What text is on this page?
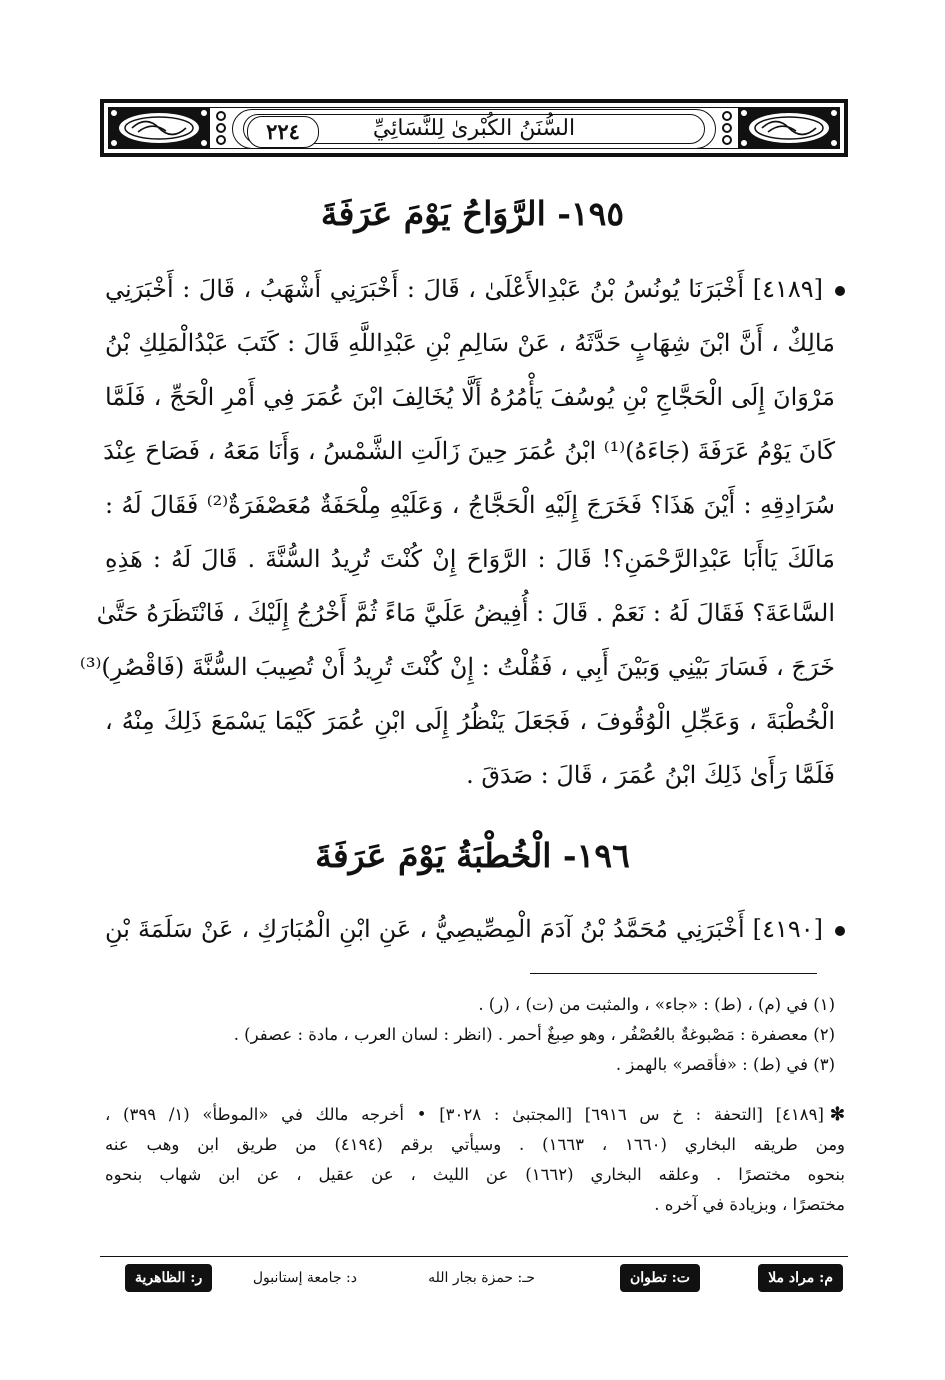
السُّنَنُ الكُبْرىٰ لِلنَّسَائِيِّ
٢٢٤
١٩٥- الرَّوَاحُ يَوْمَ عَرَفَةَ
[٤١٨٩] أَخْبَرَنَا يُونُسُ بْنُ عَبْدِالأَعْلَىٰ ، قَالَ : أَخْبَرَنِي أَشْهَبُ ، قَالَ : أَخْبَرَنِي
مَالِكٌ ، أَنَّ ابْنَ شِهَابٍ حَدَّثَهُ ، عَنْ سَالِمِ بْنِ عَبْدِاللَّهِ قَالَ : كَتَبَ عَبْدُالْمَلِكِ بْنُ
مَرْوَانَ إِلَى الْحَجَّاجِ بْنِ يُوسُفَ يَأْمُرُهُ أَلَّا يُخَالِفَ ابْنَ عُمَرَ فِي أَمْرِ الْحَجِّ ، فَلَمَّا
كَانَ يَوْمُ عَرَفَةَ (جَاءَهُ)⁽¹⁾ ابْنُ عُمَرَ حِينَ زَالَتِ الشَّمْسُ ، وَأَنَا مَعَهُ ، فَصَاحَ عِنْدَ
سُرَادِقِهِ : أَيْنَ هَذَا؟ فَخَرَجَ إِلَيْهِ الْحَجَّاجُ ، وَعَلَيْهِ مِلْحَفَةٌ مُعَصْفَرَةٌ⁽²⁾ فَقَالَ لَهُ :
مَالَكَ يَاأَبَا عَبْدِالرَّحْمَنِ؟! قَالَ : الرَّوَاحَ إِنْ كُنْتَ تُرِيدُ السُّنَّةَ . قَالَ لَهُ : هَذِهِ
السَّاعَةَ؟ فَقَالَ لَهُ : نَعَمْ . قَالَ : أُفِيضُ عَلَيَّ مَاءً ثُمَّ أَخْرُجُ إِلَيْكَ ، فَانْتَظَرَهُ حَتَّىٰ
خَرَجَ ، فَسَارَ بَيْنِي وَبَيْنَ أَبِي ، فَقُلْتُ : إِنْ كُنْتَ تُرِيدُ أَنْ تُصِيبَ السُّنَّةَ (فَاقْصُرِ)⁽³⁾
الْخُطْبَةَ ، وَعَجِّلِ الْوُقُوفَ ، فَجَعَلَ يَنْظُرُ إِلَى ابْنِ عُمَرَ كَيْمَا يَسْمَعَ ذَلِكَ مِنْهُ ،
فَلَمَّا رَأَىٰ ذَلِكَ ابْنُ عُمَرَ ، قَالَ : صَدَقَ .
١٩٦- الْخُطْبَةُ يَوْمَ عَرَفَةَ
[٤١٩٠] أَخْبَرَنِي مُحَمَّدُ بْنُ آدَمَ الْمِصِّيصِيُّ ، عَنِ ابْنِ الْمُبَارَكِ ، عَنْ سَلَمَةَ بْنِ
(١) في (م) ، (ط) : «جاء» ، والمثبت من (ت) ، (ر) .
(٢) معصفرة : مَصْبوغةٌ بالعُصْفُر ، وهو صِبغٌ أحمر . (انظر : لسان العرب ، مادة : عصفر) .
(٣) في (ط) : «فأقصر» بالهمز .
✻[٤١٨٩] [التحفة : خ س ٦٩١٦] [المجتبىٰ : ٣٠٢٨] • أخرجه مالك في «الموطأ» (١/ ٣٩٩) ،
ومن طريقه البخاري (١٦٦٠ ، ١٦٦٣) . وسيأتي برقم (٤١٩٤) من طريق ابن وهب عنه
بنحوه مختصرًا . وعلقه البخاري (١٦٦٢) عن الليث ، عن عقيل ، عن ابن شهاب بنحوه
مختصرًا ، وبزيادة في آخره .
م: مراد ملا
ت: تطوان
حـ: حمزة بجار الله
د: جامعة إستانبول
ر: الظاهرية
